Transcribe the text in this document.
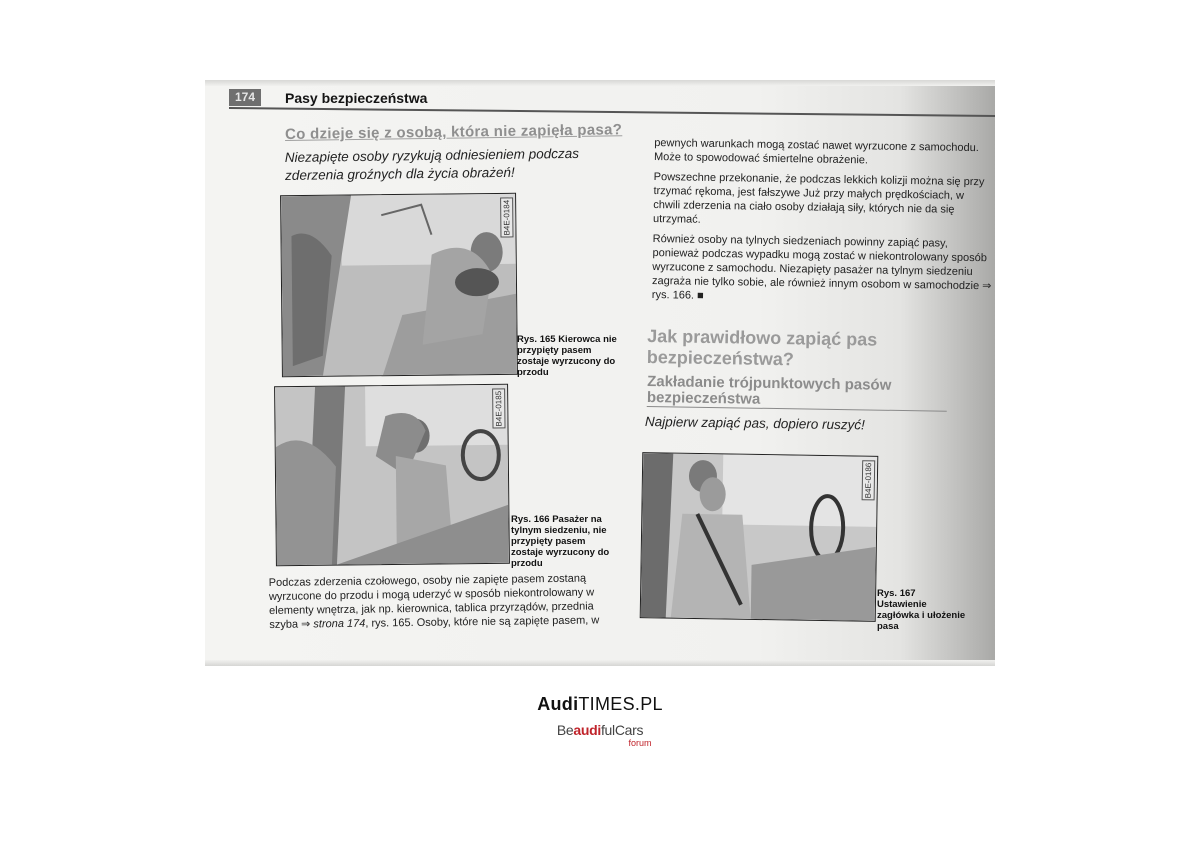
174	Pasy bezpieczeństwa
Co dzieje się z osobą, która nie zapięła pasa?
Niezapięte osoby ryzykują odniesieniem podczas zderzenia groźnych dla życia obrażeń!
B4E-0184
Rys. 165 Kierowca nie przypięty pasem zostaje wyrzucony do przodu
B4E-0185
Rys. 166 Pasażer na tylnym siedzeniu, nie przypięty pasem zostaje wyrzucony do przodu
Podczas zderzenia czołowego, osoby nie zapięte pasem zostaną wyrzucone do przodu i mogą uderzyć w sposób niekontrolowany w elementy wnętrza, jak np. kierownica, tablica przyrządów, przednia szyba ⇒ strona 174, rys. 165. Osoby, które nie są zapięte pasem, w

pewnych warunkach mogą zostać nawet wyrzucone z samochodu. Może to spowodować śmiertelne obrażenie.

Powszechne przekonanie, że podczas lekkich kolizji można się przy trzymać rękoma, jest fałszywe Już przy małych prędkościach, w chwili zderzenia na ciało osoby działają siły, których nie da się utrzymać.

Również osoby na tylnych siedzeniach powinny zapiąć pasy, ponieważ podczas wypadku mogą zostać w niekontrolowany sposób wyrzucone z samochodu. Niezapięty pasażer na tylnym siedzeniu zagraża nie tylko sobie, ale również innym osobom w samochodzie ⇒ rys. 166. ■

Jak prawidłowo zapiąć pas bezpieczeństwa?
Zakładanie trójpunktowych pasów bezpieczeństwa
Najpierw zapiąć pas, dopiero ruszyć!
B4E-0186
Rys. 167 Ustawienie zagłówka i ułożenie pasa
AudiTIMES.PL
BeaudifulCars
forum
